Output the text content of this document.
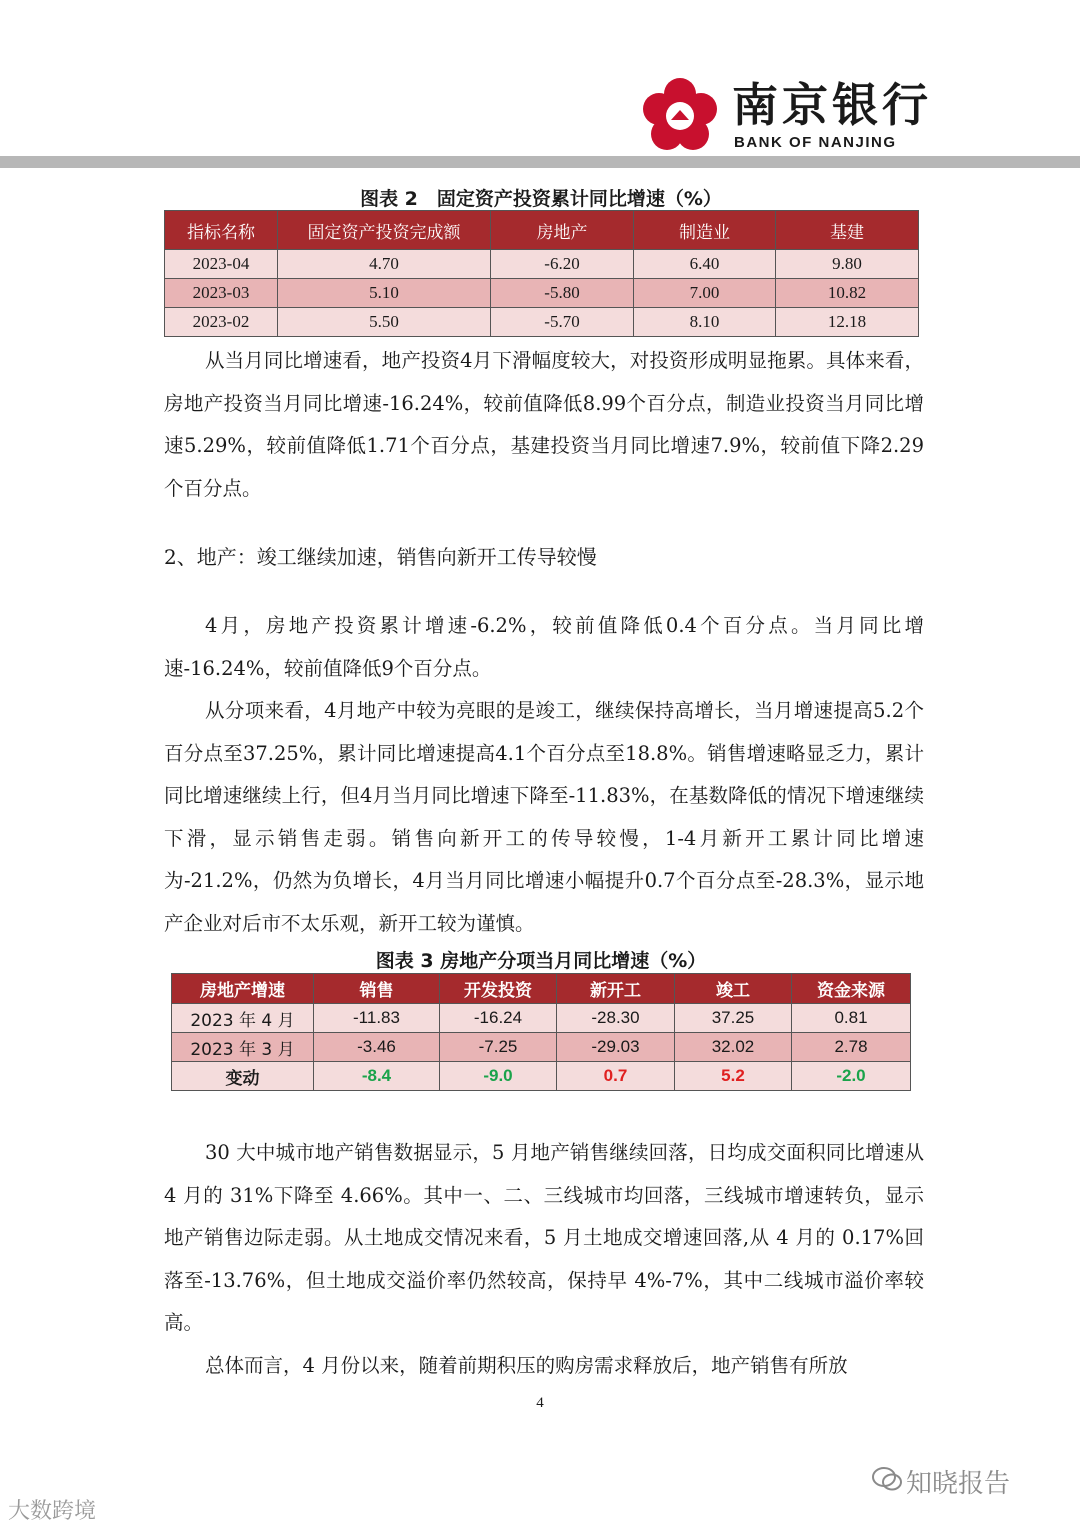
南京银行
BANK OF NANJING
图表 2　固定资产投资累计同比增速（%）
指标名称	固定资产投资完成额	房地产	制造业	基建
2023-04	4.70	-6.20	6.40	9.80
2023-03	5.10	-5.80	7.00	10.82
2023-02	5.50	-5.70	8.10	12.18
从当月同比增速看，地产投资4月下滑幅度较大，对投资形成明显拖累。具体来看，房地产投资当月同比增速-16.24%，较前值降低8.99个百分点，制造业投资当月同比增速5.29%，较前值降低1.71个百分点，基建投资当月同比增速7.9%，较前值下降2.29个百分点。
2、地产：竣工继续加速，销售向新开工传导较慢
4月，房地产投资累计增速-6.2%，较前值降低0.4个百分点。当月同比增速-16.24%，较前值降低9个百分点。
从分项来看，4月地产中较为亮眼的是竣工，继续保持高增长，当月增速提高5.2个百分点至37.25%，累计同比增速提高4.1个百分点至18.8%。销售增速略显乏力，累计同比增速继续上行，但4月当月同比增速下降至-11.83%，在基数降低的情况下增速继续下滑，显示销售走弱。销售向新开工的传导较慢，1-4月新开工累计同比增速为-21.2%，仍然为负增长，4月当月同比增速小幅提升0.7个百分点至-28.3%，显示地产企业对后市不太乐观，新开工较为谨慎。
图表 3 房地产分项当月同比增速（%）
房地产增速	销售	开发投资	新开工	竣工	资金来源
2023 年 4 月	-11.83	-16.24	-28.30	37.25	0.81
2023 年 3 月	-3.46	-7.25	-29.03	32.02	2.78
变动	-8.4	-9.0	0.7	5.2	-2.0
30 大中城市地产销售数据显示，5 月地产销售继续回落，日均成交面积同比增速从 4 月的 31%下降至 4.66%。其中一、二、三线城市均回落，三线城市增速转负，显示地产销售边际走弱。从土地成交情况来看，5 月土地成交增速回落,从 4 月的 0.17%回落至-13.76%，但土地成交溢价率仍然较高，保持早 4%-7%，其中二线城市溢价率较高。
总体而言，4 月份以来，随着前期积压的购房需求释放后，地产销售有所放
4
知晓报告
大数跨境
